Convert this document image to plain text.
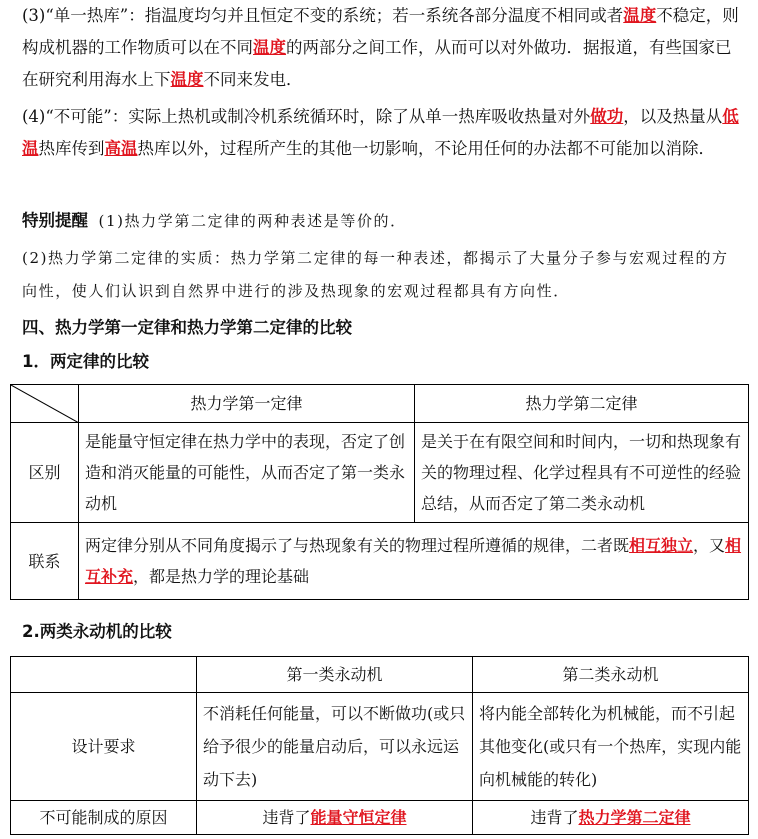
(3)“单一热库”：指温度均匀并且恒定不变的系统；若一系统各部分温度不相同或者温度不稳定，则构成机器的工作物质可以在不同温度的两部分之间工作，从而可以对外做功．据报道，有些国家已在研究利用海水上下温度不同来发电．

(4)“不可能”：实际上热机或制冷机系统循环时，除了从单一热库吸收热量对外做功，以及热量从低温热库传到高温热库以外，过程所产生的其他一切影响，不论用任何的办法都不可能加以消除．

特别提醒 (1)热力学第二定律的两种表述是等价的．

(2)热力学第二定律的实质：热力学第二定律的每一种表述，都揭示了大量分子参与宏观过程的方向性，使人们认识到自然界中进行的涉及热现象的宏观过程都具有方向性．

四、热力学第一定律和热力学第二定律的比较

1．两定律的比较

	热力学第一定律	热力学第二定律
区别	是能量守恒定律在热力学中的表现，否定了创造和消灭能量的可能性，从而否定了第一类永动机	是关于在有限空间和时间内，一切和热现象有关的物理过程、化学过程具有不可逆性的经验总结，从而否定了第二类永动机
联系	两定律分别从不同角度揭示了与热现象有关的物理过程所遵循的规律，二者既相互独立，又相互补充，都是热力学的理论基础	

2.两类永动机的比较

	第一类永动机	第二类永动机
设计要求	不消耗任何能量，可以不断做功(或只给予很少的能量启动后，可以永远运动下去)	将内能全部转化为机械能，而不引起其他变化(或只有一个热库，实现内能向机械能的转化)
不可能制成的原因	违背了能量守恒定律	违背了热力学第二定律
